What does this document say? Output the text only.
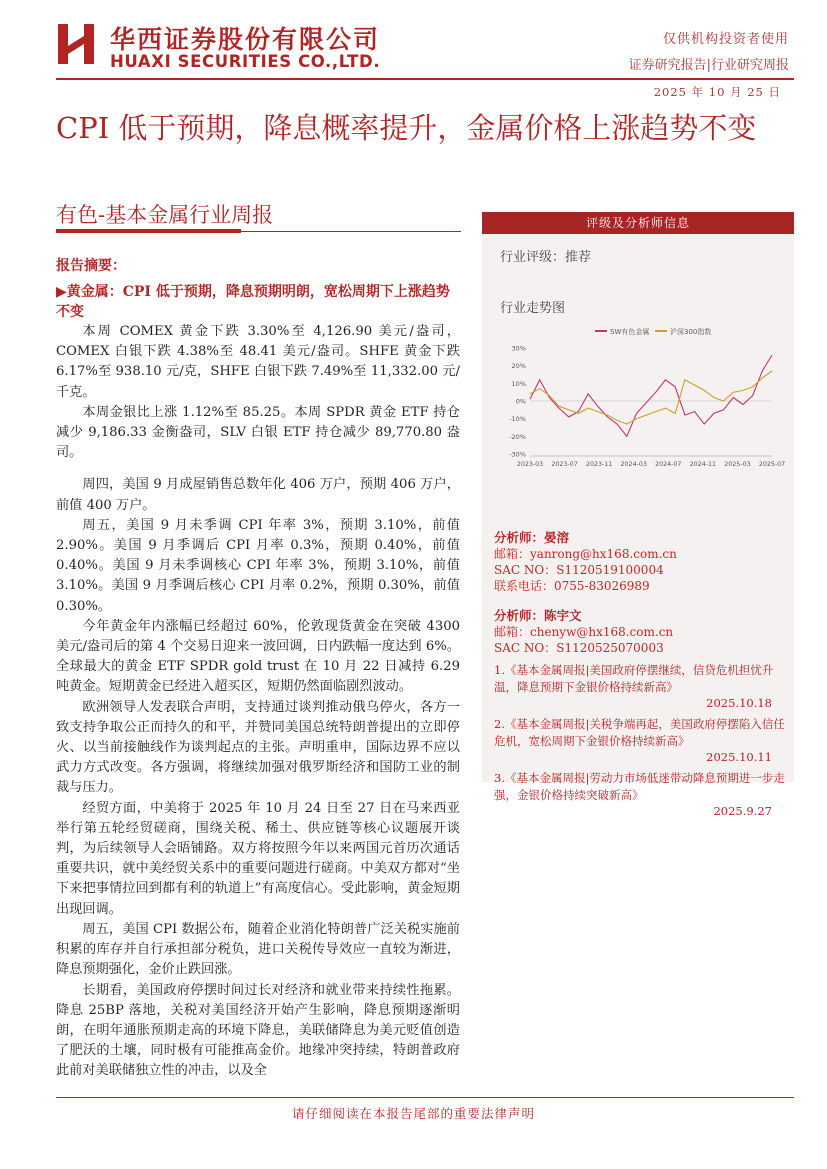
华西证券股份有限公司
HUAXI SECURITIES CO.,LTD.
仅供机构投资者使用
证券研究报告|行业研究周报
2025 年 10 月 25 日
CPI 低于预期，降息概率提升，金属价格上涨趋势不变
有色-基本金属行业周报
报告摘要：
▶黄金属：CPI 低于预期，降息预期明朗，宽松周期下上涨趋势不变

本周 COMEX 黄金下跌 3.30%至 4,126.90 美元/盎司，COMEX 白银下跌 4.38%至 48.41 美元/盎司。SHFE 黄金下跌 6.17%至 938.10 元/克，SHFE 白银下跌 7.49%至 11,332.00 元/千克。

本周金银比上涨 1.12%至 85.25。本周 SPDR 黄金 ETF 持仓减少 9,186.33 金衡盎司，SLV 白银 ETF 持仓减少 89,770.80 盎司。

周四，美国 9 月成屋销售总数年化 406 万户，预期 406 万户，前值 400 万户。

周五，美国 9 月未季调 CPI 年率 3%，预期 3.10%，前值 2.90%。美国 9 月季调后 CPI 月率 0.3%，预期 0.40%，前值 0.40%。美国 9 月未季调核心 CPI 年率 3%，预期 3.10%，前值 3.10%。美国 9 月季调后核心 CPI 月率 0.2%，预期 0.30%，前值 0.30%。

今年黄金年内涨幅已经超过 60%，伦敦现货黄金在突破 4300 美元/盎司后的第 4 个交易日迎来一波回调，日内跌幅一度达到 6%。全球最大的黄金 ETF SPDR gold trust 在 10 月 22 日减持 6.29 吨黄金。短期黄金已经进入超买区，短期仍然面临剧烈波动。

欧洲领导人发表联合声明，支持通过谈判推动俄乌停火，各方一致支持争取公正而持久的和平，并赞同美国总统特朗普提出的立即停火、以当前接触线作为谈判起点的主张。声明重申，国际边界不应以武力方式改变。各方强调，将继续加强对俄罗斯经济和国防工业的制裁与压力。

经贸方面，中美将于 2025 年 10 月 24 日至 27 日在马来西亚举行第五轮经贸磋商，围绕关税、稀土、供应链等核心议题展开谈判，为后续领导人会晤铺路。双方将按照今年以来两国元首历次通话重要共识，就中美经贸关系中的重要问题进行磋商。中美双方都对“坐下来把事情拉回到都有利的轨道上”有高度信心。受此影响，黄金短期出现回调。

周五，美国 CPI 数据公布，随着企业消化特朗普广泛关税实施前积累的库存并自行承担部分税负，进口关税传导效应一直较为渐进，降息预期强化，金价止跌回涨。

长期看，美国政府停摆时间过长对经济和就业带来持续性拖累。降息 25BP 落地，关税对美国经济开始产生影响，降息预期逐渐明朗，在明年通胀预期走高的环境下降息，美联储降息为美元贬值创造了肥沃的土壤，同时极有可能推高金价。地缘冲突持续，特朗普政府此前对美联储独立性的冲击，以及全

评级及分析师信息
行业评级：推荐
行业走势图
SW有色金属	沪深300指数
30%
20%
10%
0%
-10%
-20%
-30%
2023-03 2023-07 2023-11 2024-03 2024-07 2024-11 2025-03 2025-07
分析师：晏溶
邮箱：yanrong@hx168.com.cn
SAC NO：S1120519100004
联系电话：0755-83026989
分析师：陈宇文
邮箱：chenyw@hx168.com.cn
SAC NO：S1120525070003
1.《基本金属周报|美国政府停摆继续，信贷危机担忧升温，降息预期下金银价格持续新高》
2025.10.18
2.《基本金属周报|关税争端再起，美国政府停摆陷入信任危机，宽松周期下金银价格持续新高》
2025.10.11
3.《基本金属周报|劳动力市场低迷带动降息预期进一步走强，金银价格持续突破新高》
2025.9.27
请仔细阅读在本报告尾部的重要法律声明
